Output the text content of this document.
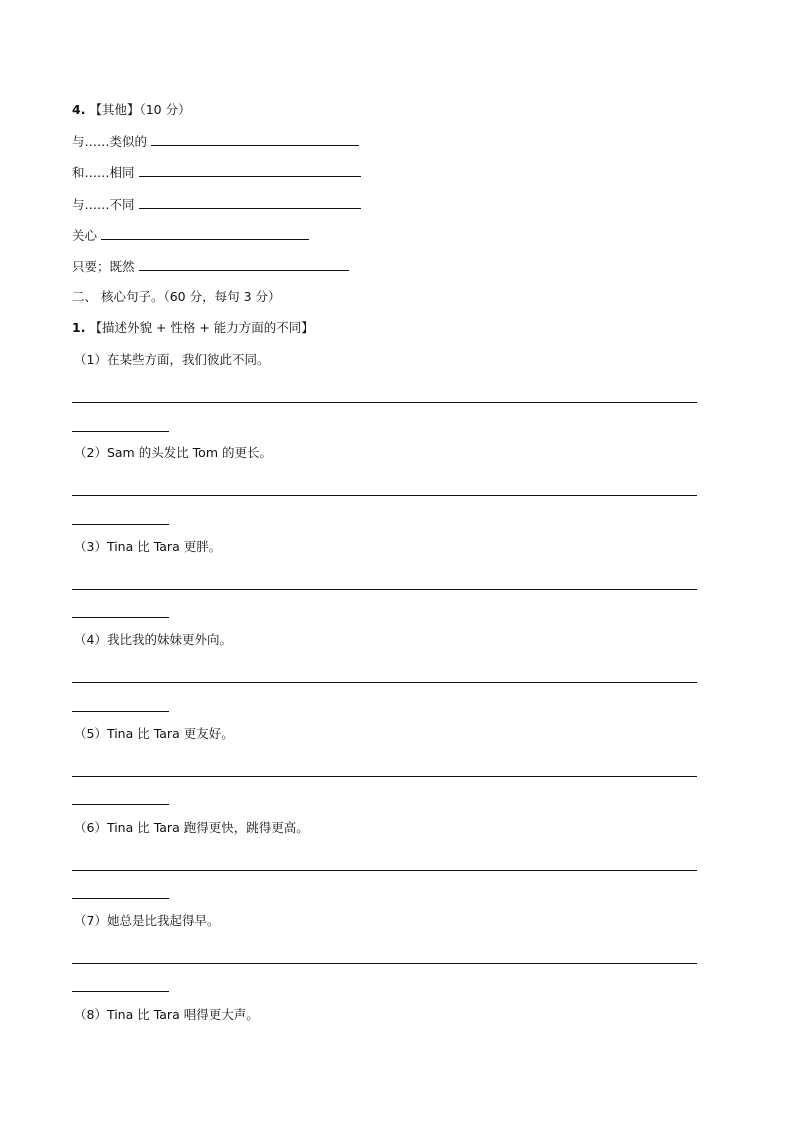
4. 【其他】（10 分）
与……类似的
和……相同
与……不同
关心
只要；既然
二、 核心句子。（60 分，每句 3 分）
1. 【描述外貌 + 性格 + 能力方面的不同】
（1）在某些方面，我们彼此不同。
（2）Sam 的头发比 Tom 的更长。
（3）Tina 比 Tara 更胖。
（4）我比我的妹妹更外向。
（5）Tina 比 Tara 更友好。
（6）Tina 比 Tara 跑得更快，跳得更高。
（7）她总是比我起得早。
（8）Tina 比 Tara 唱得更大声。
